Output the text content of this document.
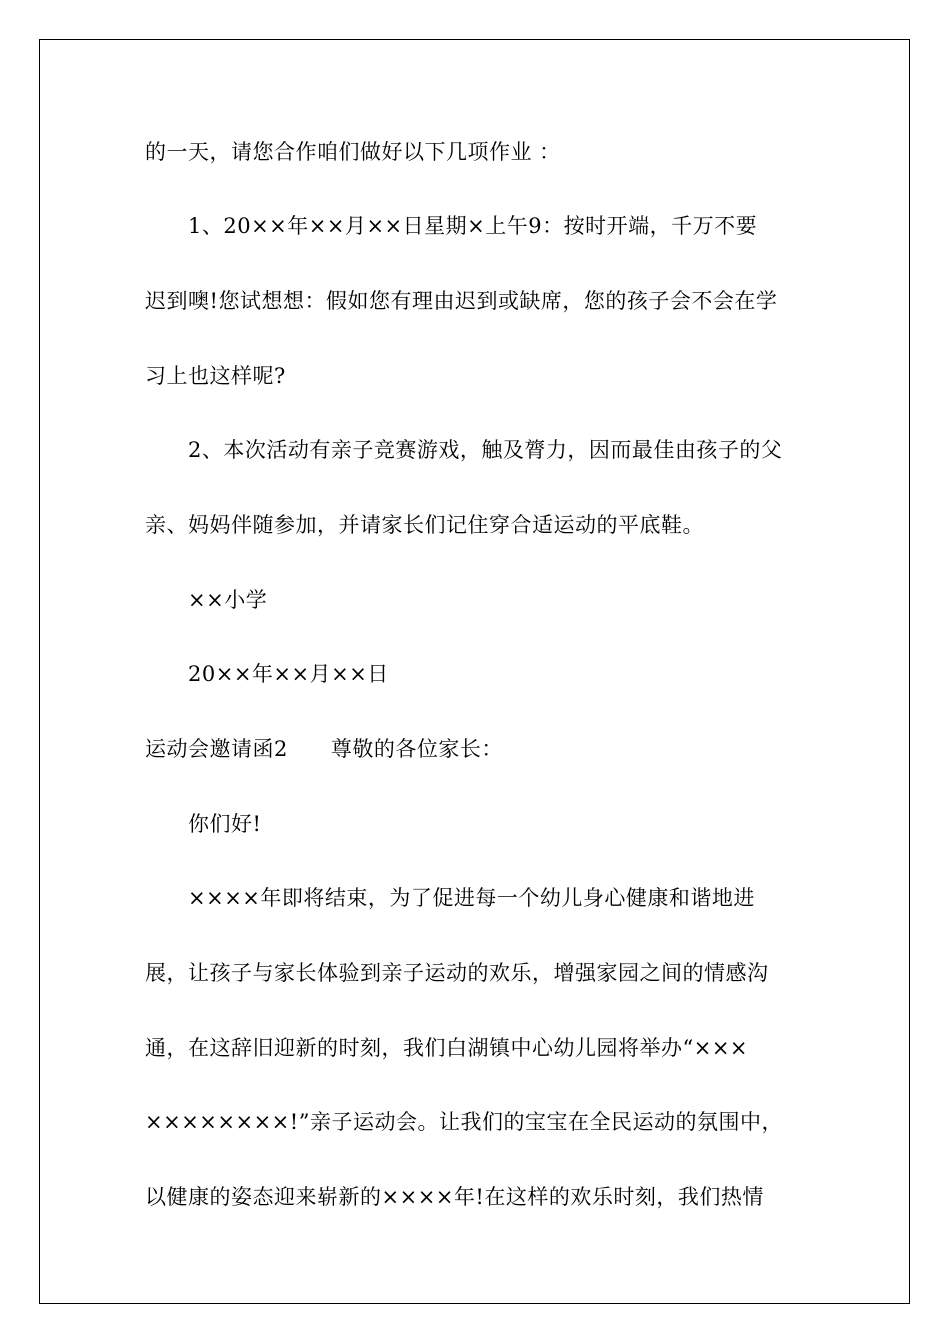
的一天，请您合作咱们做好以下几项作业 ：
1、20××年××月××日星期×上午9：按时开端，千万不要
迟到噢!您试想想：假如您有理由迟到或缺席，您的孩子会不会在学
习上也这样呢?
2、本次活动有亲子竞赛游戏，触及膂力，因而最佳由孩子的父
亲、妈妈伴随参加，并请家长们记住穿合适运动的平底鞋。
××小学
20××年××月××日
运动会邀请函2　　尊敬的各位家长：
你们好!
××××年即将结束，为了促进每一个幼儿身心健康和谐地进
展，让孩子与家长体验到亲子运动的欢乐，增强家园之间的情感沟
通，在这辞旧迎新的时刻，我们白湖镇中心幼儿园将举办“×××
××××××××!”亲子运动会。让我们的宝宝在全民运动的氛围中，
以健康的姿态迎来崭新的××××年!在这样的欢乐时刻，我们热情
